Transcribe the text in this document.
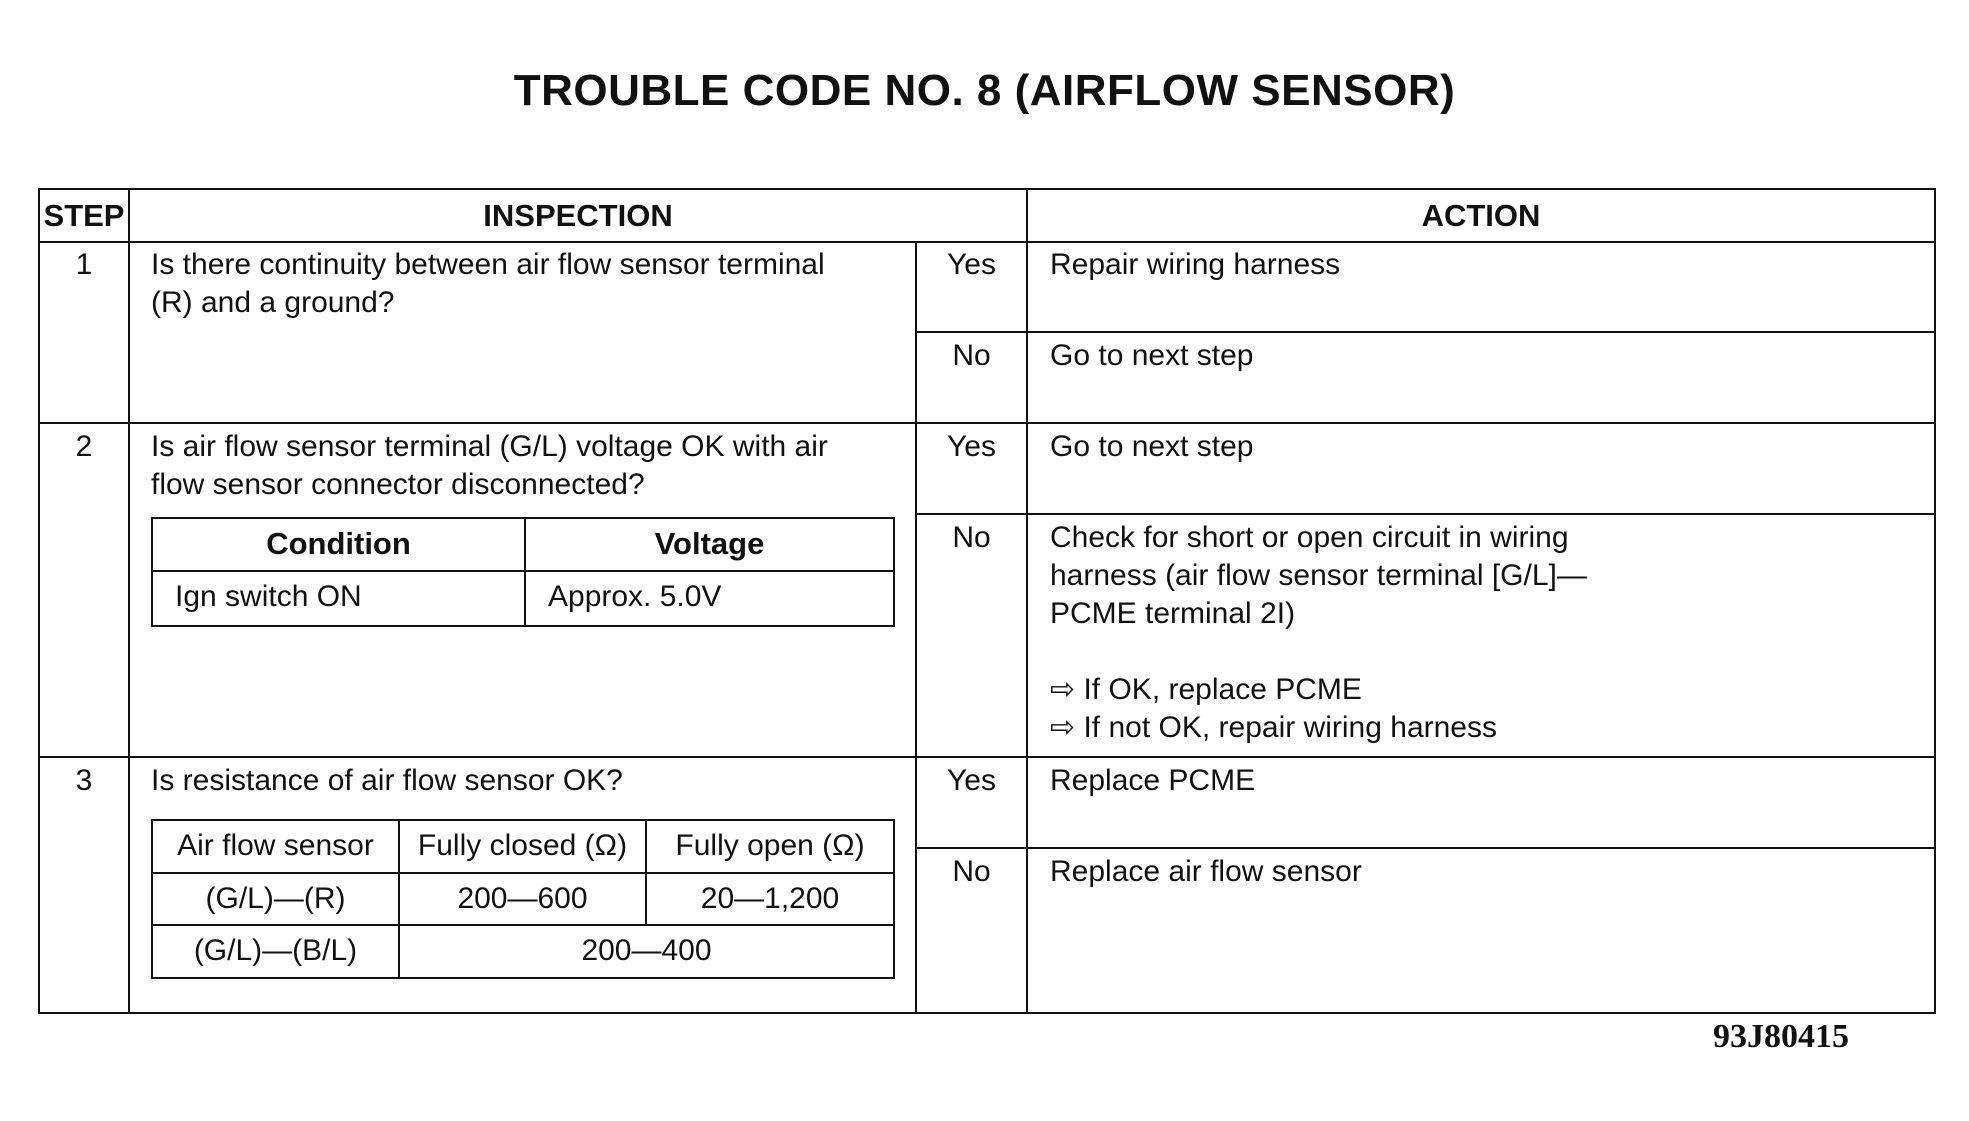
TROUBLE CODE NO. 8 (AIRFLOW SENSOR)
STEP	INSPECTION	ACTION
1	Is there continuity between air flow sensor terminal
(R) and a ground?
Yes	Repair wiring harness
No	Go to next step
2	Is air flow sensor terminal (G/L) voltage OK with air
flow sensor connector disconnected?
Condition	Voltage
Ign switch ON	Approx. 5.0V
Yes	Go to next step
No	Check for short or open circuit in wiring
harness (air flow sensor terminal [G/L]—
PCME terminal 2I)
⇨ If OK, replace PCME
⇨ If not OK, repair wiring harness
3	Is resistance of air flow sensor OK?
Air flow sensor	Fully closed (Ω)	Fully open (Ω)
(G/L)—(R)	200—600	20—1,200
(G/L)—(B/L)	200—400
Yes	Replace PCME
No	Replace air flow sensor
93J80415
